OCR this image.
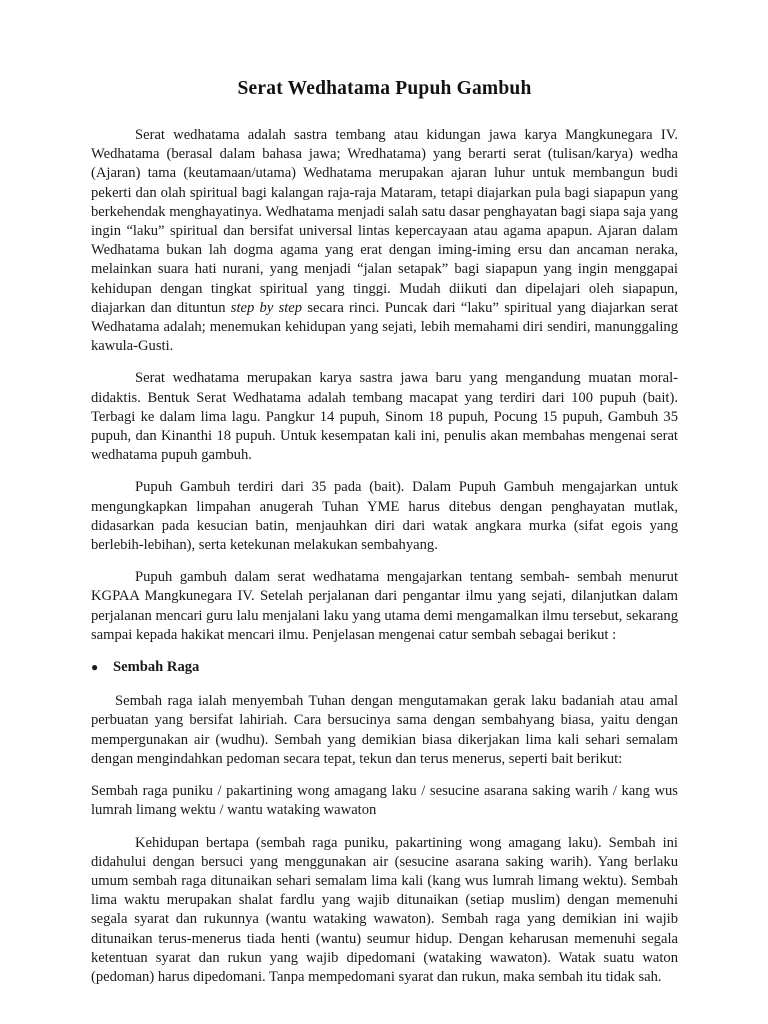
Serat Wedhatama Pupuh Gambuh

Serat wedhatama adalah sastra tembang atau kidungan jawa karya Mangkunegara IV. Wedhatama (berasal dalam bahasa jawa; Wredhatama) yang berarti serat (tulisan/karya) wedha (Ajaran) tama (keutamaan/utama) Wedhatama merupakan ajaran luhur untuk membangun budi pekerti dan olah spiritual bagi kalangan raja-raja Mataram, tetapi diajarkan pula bagi siapapun yang berkehendak menghayatinya. Wedhatama menjadi salah satu dasar penghayatan bagi siapa saja yang ingin “laku” spiritual dan bersifat universal lintas kepercayaan atau agama apapun. Ajaran dalam Wedhatama bukan lah dogma agama yang erat dengan iming-iming ersu dan ancaman neraka, melainkan suara hati nurani, yang menjadi “jalan setapak” bagi siapapun yang ingin menggapai kehidupan dengan tingkat spiritual yang tinggi. Mudah diikuti dan dipelajari oleh siapapun, diajarkan dan dituntun step by step secara rinci. Puncak dari “laku” spiritual yang diajarkan serat Wedhatama adalah; menemukan kehidupan yang sejati, lebih memahami diri sendiri, manunggaling kawula-Gusti.

Serat wedhatama merupakan karya sastra jawa baru yang mengandung muatan moral-didaktis. Bentuk Serat Wedhatama adalah tembang macapat yang terdiri dari 100 pupuh (bait). Terbagi ke dalam lima lagu. Pangkur 14 pupuh, Sinom 18 pupuh, Pocung 15 pupuh, Gambuh 35 pupuh, dan Kinanthi 18 pupuh. Untuk kesempatan kali ini, penulis akan membahas mengenai serat wedhatama pupuh gambuh.

Pupuh Gambuh terdiri dari 35 pada (bait). Dalam Pupuh Gambuh mengajarkan untuk mengungkapkan limpahan anugerah Tuhan YME harus ditebus dengan penghayatan mutlak, didasarkan pada kesucian batin, menjauhkan diri dari watak angkara murka (sifat egois yang berlebih-lebihan), serta ketekunan melakukan sembahyang.

Pupuh gambuh dalam serat wedhatama mengajarkan tentang sembah- sembah menurut KGPAA Mangkunegara IV. Setelah perjalanan dari pengantar ilmu yang sejati, dilanjutkan dalam perjalanan mencari guru lalu menjalani laku yang utama demi mengamalkan ilmu tersebut, sekarang sampai kepada hakikat mencari ilmu. Penjelasan mengenai catur sembah sebagai berikut :

●	Sembah Raga

Sembah raga ialah menyembah Tuhan dengan mengutamakan gerak laku badaniah atau amal perbuatan yang bersifat lahiriah. Cara bersucinya sama dengan sembahyang biasa, yaitu dengan mempergunakan air (wudhu). Sembah yang demikian biasa dikerjakan lima kali sehari semalam dengan mengindahkan pedoman secara tepat, tekun dan terus menerus, seperti bait berikut:

Sembah raga puniku / pakartining wong amagang laku / sesucine asarana saking warih / kang wus lumrah limang wektu / wantu wataking wawaton

Kehidupan bertapa (sembah raga puniku, pakartining wong amagang laku). Sembah ini didahului dengan bersuci yang menggunakan air (sesucine asarana saking warih). Yang berlaku umum sembah raga ditunaikan sehari semalam lima kali (kang wus lumrah limang wektu). Sembah lima waktu merupakan shalat fardlu yang wajib ditunaikan (setiap muslim) dengan memenuhi segala syarat dan rukunnya (wantu wataking wawaton). Sembah raga yang demikian ini wajib ditunaikan terus-menerus tiada henti (wantu) seumur hidup. Dengan keharusan memenuhi segala ketentuan syarat dan rukun yang wajib dipedomani (wataking wawaton). Watak suatu waton (pedoman) harus dipedomani. Tanpa mempedomani syarat dan rukun, maka sembah itu tidak sah.
